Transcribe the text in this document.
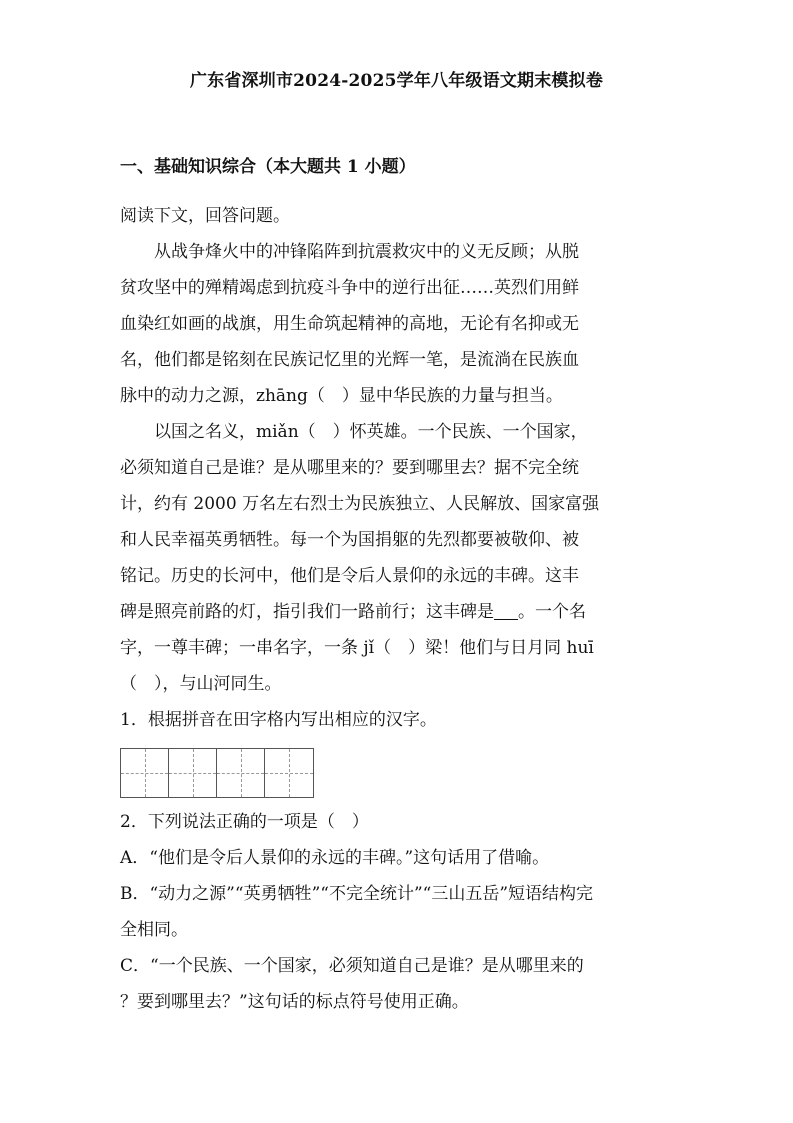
广东省深圳市2024-2025学年八年级语文期末模拟卷
一、基础知识综合（本大题共 1 小题）
阅读下文，回答问题。
从战争烽火中的冲锋陷阵到抗震救灾中的义无反顾；从脱
贫攻坚中的殚精竭虑到抗疫斗争中的逆行出征……英烈们用鲜
血染红如画的战旗，用生命筑起精神的高地，无论有名抑或无
名，他们都是铭刻在民族记忆里的光辉一笔，是流淌在民族血
脉中的动力之源，zhāng（　）显中华民族的力量与担当。
以国之名义，miǎn（　）怀英雄。一个民族、一个国家，
必须知道自己是谁？是从哪里来的？要到哪里去？据不完全统
计，约有 2000 万名左右烈士为民族独立、人民解放、国家富强
和人民幸福英勇牺牲。每一个为国捐躯的先烈都要被敬仰、被
铭记。历史的长河中，他们是令后人景仰的永远的丰碑。这丰
碑是照亮前路的灯，指引我们一路前行；这丰碑是 。一个名
字，一尊丰碑；一串名字，一条 jǐ（　）梁！他们与日月同 huī
（　），与山河同生。
1．根据拼音在田字格内写出相应的汉字。
2．下列说法正确的一项是（　）
A．“他们是令后人景仰的永远的丰碑。”这句话用了借喻。
B．“动力之源”“英勇牺牲”“不完全统计”“三山五岳”短语结构完
全相同。
C．“一个民族、一个国家，必须知道自己是谁？是从哪里来的
？要到哪里去？”这句话的标点符号使用正确。
